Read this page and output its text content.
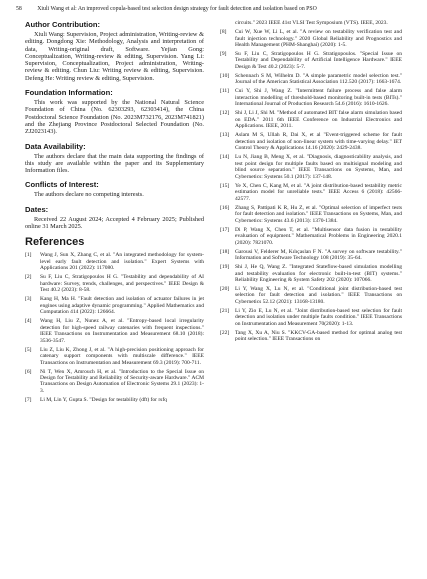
58	Xiuli Wang et al: An improved copula-based test selection design strategy for fault detection and isolation based on PSO
Author Contribution:

Xiuli Wang: Supervision, Project administration, Writing-review & editing. Dongdong Xie: Methodology, Analysis and interpretation of data, Writing-original draft, Software. Yejian Gong: Conceptualization, Writing-review & editing, Supervision. Yang Li: Supervision, Conceptualization, Project administration, Writing-review & editing. Chun Liu: Writing review & editing, Supervision. Defeng He: Writing review & editing, Supervision.

Foundation Information:

This work was supported by the National Natural Science Foundation of China (No. 62303293, 62303414), the China Postdoctoral Science Foundation (No. 2023M732176, 2023M741821) and the Zhejiang Province Postdoctoral Selected Foundation (No. ZJ2023143).

Data Availability:

The authors declare that the main data supporting the findings of this study are available within the paper and its Supplementary Information files.

Conflicts of Interest:

The authors declare no competing interests.

Dates:

Received 22 August 2024; Accepted 4 February 2025; Published online 31 March 2025.

References
[1]	Wang J, Sun X, Zhang C, et al. "An integrated methodology for system-level early fault detection and isolation." Expert Systems with Applications 201 (2022): 117080.
[2]	Su F, Liu C, Stratigopoulos H G. "Testability and dependability of AI hardware: Survey, trends, challenges, and perspectives." IEEE Design & Test 40.2 (2023): 8-58.
[3]	Kang H, Ma H. "Fault detection and isolation of actuator failures in jet engines using adaptive dynamic programming." Applied Mathematics and Computation 414 (2022): 126664.
[4]	Wang H, Liu Z, Nunez A, et al. "Entropy-based local irregularity detection for high-speed railway catenaries with frequent inspections." IEEE Transactions on Instrumentation and Measurement 68.10 (2018): 3536-3547.
[5]	Liu Z, Liu K, Zhong J, et al. "A high-precision positioning approach for catenary support components with multiscale difference." IEEE Transactions on Instrumentation and Measurement 69.3 (2019): 700-711.
[6]	Ni T, Wen X, Amrouch H, et al. "Introduction to the Special Issue on Design for Testability and Reliability of Security-aware Hardware." ACM Transactions on Design Automation of Electronic Systems 29.1 (2023): 1-3.
[7]	Li M, Lin Y, Gupta S. "Design for testability (dft) for rsfq
circuits." 2023 IEEE 41st VLSI Test Symposium (VTS). IEEE, 2023.
[8]	Cui W, Xue W, Li L, et al. "A review on testability verification test and fault injection technology." 2020 Global Reliability and Prognostics and Health Management (PHM-Shanghai) (2020): 1-5.
[9]	Su F, Liu C, Stratigopoulos H G. Stratigopoulos. "Special Issue on Testability and Dependability of Artificial Intelligence Hardware." IEEE Design & Test 40.2 (2023): 5-7.
[10]	Schennach S M, Wilhelm D. "A simple parametric model selection test." Journal of the American Statistical Association 112.520 (2017): 1663-1674.
[11]	Cui Y, Shi J, Wang Z. "Intermittent failure process and false alarm interaction modelling of threshold-based monitoring built-in tests (BITs)." International Journal of Production Research 54.6 (2016): 1610-1626.
[12]	Shi J, Li J, Shi M. "Method of automated BIT false alarm simulation based on EDA." 2011 6th IEEE Conference on Industrial Electronics and Applications. IEEE, 2011.
[13]	Aslam M S, Ullah R, Dai X, et al "Event-triggered scheme for fault detection and isolation of non-linear system with time-varying delay." IET Control Theory & Applications 14.16 (2020): 2429-2438.
[14]	Lu N, Jiang B, Meng X, et al. "Diagnosis, diagnosticability analysis, and test point design for multiple faults based on multisignal modeling and blind source separation." IEEE Transactions on Systems, Man, and Cybernetics: Systems 50.1 (2017): 137-148.
[15]	Ye X, Chen C, Kang M, et al. "A joint distribution-based testability metric estimation model for unreliable tests." IEEE Access 6 (2018): 42566-42577.
[16]	Zhang S, Pattipati K R, Hu Z, et al. "Optimal selection of imperfect tests for fault detection and isolation." IEEE Transactions on Systems, Man, and Cybernetics: Systems 43.6 (2013): 1370-1384.
[17]	Di P, Wang X, Chen T, et al. "Multisensor data fusion in testability evaluation of equipment." Mathematical Problems in Engineering 2020.1 (2020): 7821070.
[18]	Garousi V, Felderer M, Kılıçaslan F N. "A survey on software testability." Information and Software Technology 108 (2019): 35-64.
[19]	Shi J, He Q, Wang Z. "Integrated Stateflow-based simulation modelling and testability evaluation for electronic built-in-test (BIT) systems." Reliability Engineering & System Safety 202 (2020): 107066.
[20]	Li Y, Wang X, Lu N, et al. "Conditional joint distribution-based test selection for fault detection and isolation." IEEE Transactions on Cybernetics 52.12 (2021): 13168-13180.
[21]	Li Y, Zio E, Lu N, et al. "Joint distribution-based test selection for fault detection and isolation under multiple faults condition." IEEE Transactions on Instrumentation and Measurement 70(2020): 1-13.
[22]	Tang X, Xu A, Niu S. "KKCV-GA-based method for optimal analog test point selection." IEEE Transactions on
